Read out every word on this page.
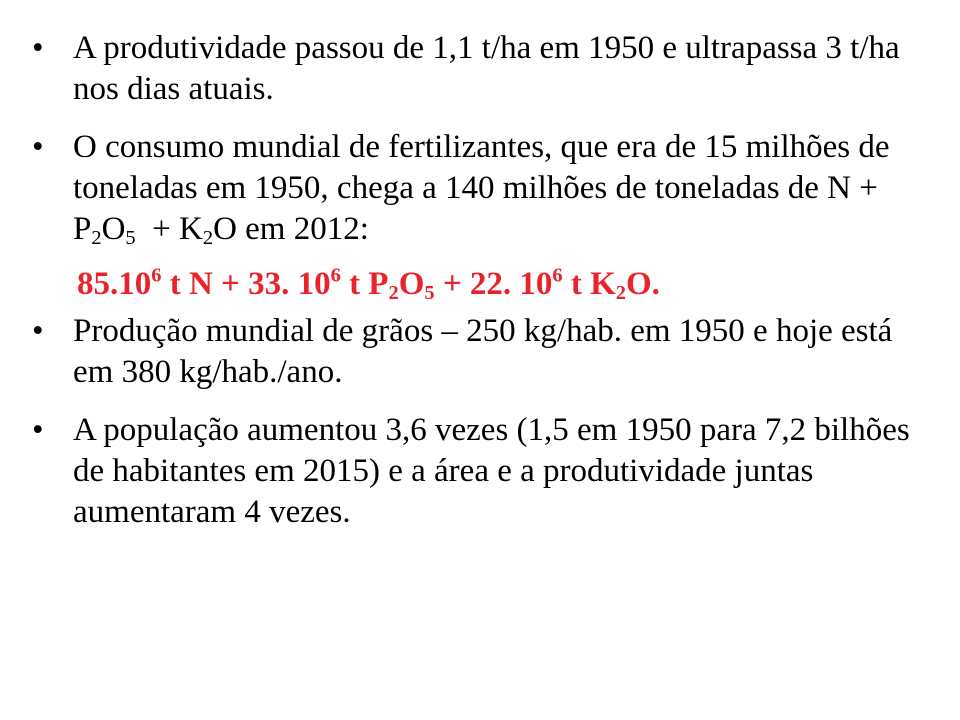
• A produtividade passou de 1,1 t/ha em 1950 e ultrapassa 3 t/ha nos dias atuais.
• O consumo mundial de fertilizantes, que era de 15 milhões de toneladas em 1950, chega a 140 milhões de toneladas de $N + P_2O_5 + K_2O$ em 2012:
85.10$^6$ t N + 33. $10^6$ t $P_2O_5 + 22$. $10^6$ t $K_2O$.
• Produção mundial de grãos – 250 kg/hab. em 1950 e hoje está em 380 kg/hab./ano.
• A população aumentou 3,6 vezes (1,5 em 1950 para 7,2 bilhões de habitantes em 2015) e a área e a produtividade juntas aumentaram 4 vezes.
